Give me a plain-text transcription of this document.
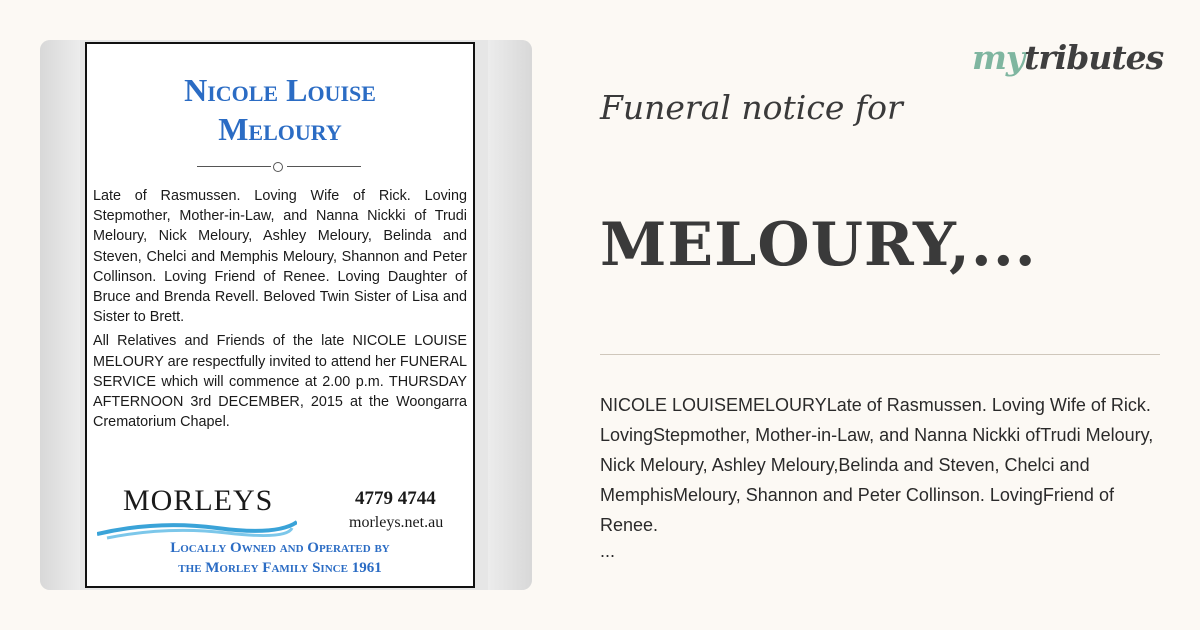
Nicole Louise
Meloury

Late of Rasmussen. Loving Wife of Rick. Loving Stepmother, Mother-in-Law, and Nanna Nickki of Trudi Meloury, Nick Meloury, Ashley Meloury, Belinda and Steven, Chelci and Memphis Meloury, Shannon and Peter Collinson. Loving Friend of Renee. Loving Daughter of Bruce and Brenda Revell. Beloved Twin Sister of Lisa and Sister to Brett.

All Relatives and Friends of the late NICOLE LOUISE MELOURY are respectfully invited to attend her FUNERAL SERVICE which will commence at 2.00 p.m. THURSDAY AFTERNOON 3rd DECEMBER, 2015 at the Woongarra Crematorium Chapel.

MORLEYS	4779 4744
morleys.net.au
Locally Owned and Operated by
the Morley Family Since 1961
mytributes
Funeral notice for
MELOURY,...

NICOLE LOUISEMELOURYLate of Rasmussen. Loving Wife of Rick. LovingStepmother, Mother-in-Law, and Nanna Nickki ofTrudi Meloury, Nick Meloury, Ashley Meloury,Belinda and Steven, Chelci and MemphisMeloury, Shannon and Peter Collinson. LovingFriend of Renee.

...
